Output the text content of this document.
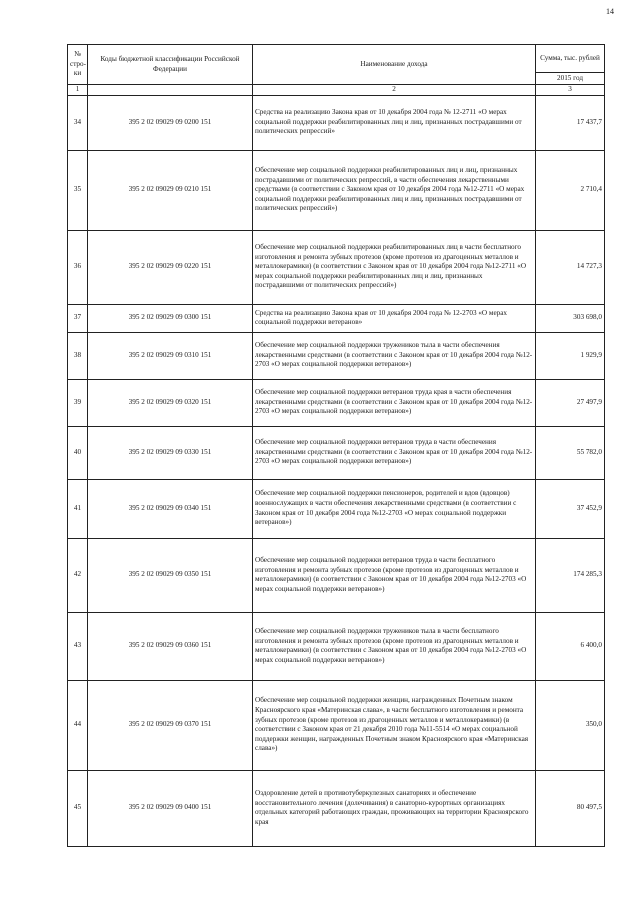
14
№ стро-ки	Коды бюджетной классификации Российской Федерации	Наименование дохода	Сумма, тыс. рублей
			2015 год
1		2	3
34	395 2 02 09029 09 0200 151	Средства на реализацию Закона края от 10 декабря 2004 года № 12-2711 «О мерах социальной поддержки реабилитированных лиц и лиц, признанных пострадавшими от политических репрессий»	17 437,7
35	395 2 02 09029 09 0210 151	Обеспечение мер социальной поддержки реабилитированных лиц и лиц, признанных пострадавшими от политических репрессий, в части обеспечения лекарственными средствами (в соответствии с Законом края от 10 декабря 2004 года №12-2711 «О мерах социальной поддержки реабилитированных лиц и лиц, признанных пострадавшими от политических репрессий»)	2 710,4
36	395 2 02 09029 09 0220 151	Обеспечение мер социальной поддержки реабилитированных лиц в части бесплатного изготовления и ремонта зубных протезов (кроме протезов из драгоценных металлов и металлокерамики) (в соответствии с Законом края от 10 декабря 2004 года №12-2711 «О мерах социальной поддержки реабилитированных лиц и лиц, признанных пострадавшими от политических репрессий»)	14 727,3
37	395 2 02 09029 09 0300 151	Средства на реализацию Закона края от 10 декабря 2004 года № 12-2703 «О мерах социальной поддержки ветеранов»	303 698,0
38	395 2 02 09029 09 0310 151	Обеспечение мер социальной поддержки тружеников тыла в части обеспечения лекарственными средствами (в соответствии с Законом края от 10 декабря 2004 года №12-2703 «О мерах социальной поддержки ветеранов»)	1 929,9
39	395 2 02 09029 09 0320 151	Обеспечение мер социальной поддержки ветеранов труда края в части обеспечения лекарственными средствами (в соответствии с Законом края от 10 декабря 2004 года №12-2703 «О мерах социальной поддержки ветеранов»)	27 497,9
40	395 2 02 09029 09 0330 151	Обеспечение мер социальной поддержки ветеранов труда в части обеспечения лекарственными средствами (в соответствии с Законом края от 10 декабря 2004 года №12-2703 «О мерах социальной поддержки ветеранов»)	55 782,0
41	395 2 02 09029 09 0340 151	Обеспечение мер социальной поддержки пенсионеров, родителей и вдов (вдовцов) военнослужащих в части обеспечения лекарственными средствами (в соответствии с Законом края от 10 декабря 2004 года №12-2703 «О мерах социальной поддержки ветеранов»)	37 452,9
42	395 2 02 09029 09 0350 151	Обеспечение мер социальной поддержки ветеранов труда в части бесплатного изготовления и ремонта зубных протезов (кроме протезов из драгоценных металлов и металлокерамики) (в соответствии с Законом края от 10 декабря 2004 года №12-2703 «О мерах социальной поддержки ветеранов»)	174 285,3
43	395 2 02 09029 09 0360 151	Обеспечение мер социальной поддержки тружеников тыла в части бесплатного изготовления и ремонта зубных протезов (кроме протезов из драгоценных металлов и металлокерамики) (в соответствии с Законом края от 10 декабря 2004 года №12-2703 «О мерах социальной поддержки ветеранов»)	6 400,0
44	395 2 02 09029 09 0370 151	Обеспечение мер социальной поддержки женщин, награжденных Почетным знаком Красноярского края «Материнская слава», в части бесплатного изготовления и ремонта зубных протезов (кроме протезов из драгоценных металлов и металлокерамики) (в соответствии с Законом края от 21 декабря 2010 года №11-5514 «О мерах социальной поддержки женщин, награжденных Почетным знаком Красноярского края «Материнская слава»)	350,0
45	395 2 02 09029 09 0400 151	Оздоровление детей в противотуберкулезных санаториях и обеспечение восстановительного лечения (долечивания) в санаторно-курортных организациях отдельных категорий работающих граждан, проживающих на территории Красноярского края	80 497,5
